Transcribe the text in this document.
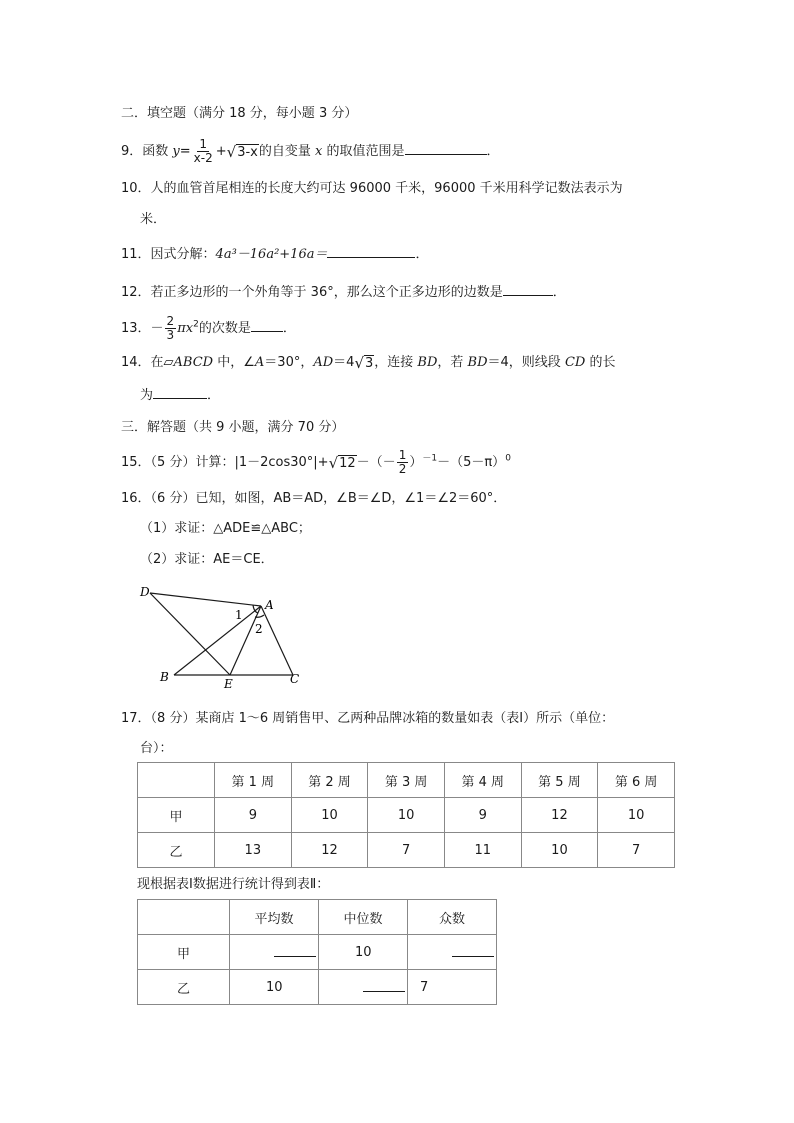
二．填空题（满分 18 分，每小题 3 分）
9．函数 $y= \frac{1}{x-2}$ + √ 3-x 的自变量 x 的取值范围是	．
10．人的血管首尾相连的长度大约可达 96000 千米，96000 千米用科学记数法表示为
米．
11．因式分解：4a³－16a²+16a＝	．
12．若正多边形的一个外角等于 36°，那么这个正多边形的边数是	．
13．－ $\frac{2}{3} \pi x^2$的次数是 ．
14．在▱ABCD 中，∠A＝30°，AD＝4 √ 3 ，连接 BD，若 BD＝4，则线段 CD 的长
为	．
三．解答题（共 9 小题，满分 70 分）
15．（5 分）计算：|1－2cos30°|+ √ 12 －（－ $\frac{1}{2} )^{-1}-(5-\pi)^0$
16．（6 分）已知，如图，AB＝AD，∠B＝∠D，∠1＝∠2＝60°．
（1）求证：△ADE≌△ABC；
（2）求证：AE＝CE．
D
A
B	E	C
1
2
17．（8 分）某商店 1～6 周销售甲、乙两种品牌冰箱的数量如表（表Ⅰ）所示（单位：
台）：
	第 1 周	第 2 周	第 3 周	第 4 周	第 5 周	第 6 周
甲	9	10	10	9	12	10
乙	13	12	7	11	10	7
现根据表Ⅰ数据进行统计得到表Ⅱ：
	平均数	中位数	众数
甲		10	
乙	10		7
